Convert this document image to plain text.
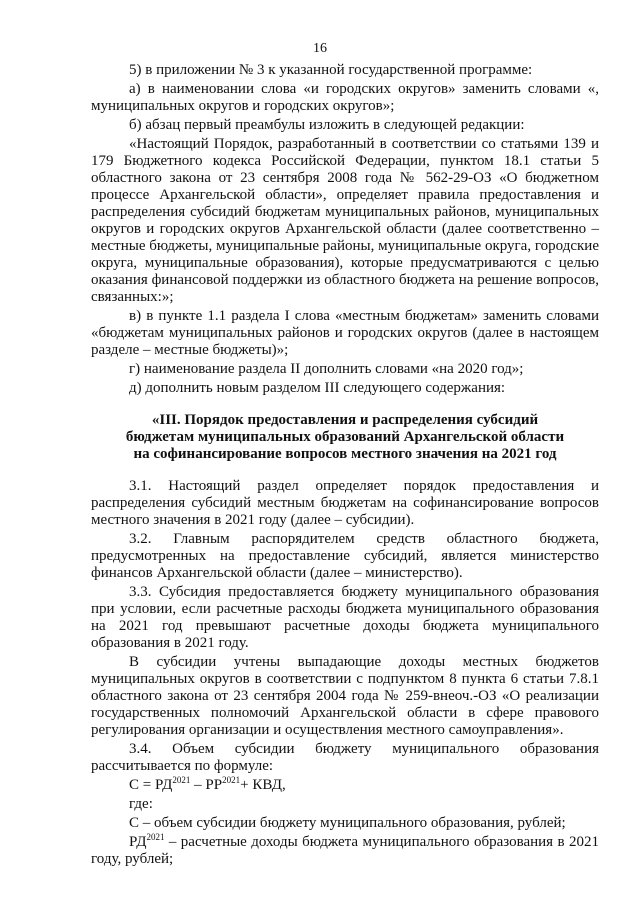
16

5) в приложении № 3 к указанной государственной программе:

а) в наименовании слова «и городских округов» заменить словами «, муниципальных округов и городских округов»;

б) абзац первый преамбулы изложить в следующей редакции:

«Настоящий Порядок, разработанный в соответствии со статьями 139 и 179 Бюджетного кодекса Российской Федерации, пунктом 18.1 статьи 5 областного закона от 23 сентября 2008 года № 562-29-ОЗ «О бюджетном процессе Архангельской области», определяет правила предоставления и распределения субсидий бюджетам муниципальных районов, муниципальных округов и городских округов Архангельской области (далее соответственно – местные бюджеты, муниципальные районы, муниципальные округа, городские округа, муниципальные образования), которые предусматриваются с целью оказания финансовой поддержки из областного бюджета на решение вопросов, связанных:»;

в) в пункте 1.1 раздела I слова «местным бюджетам» заменить словами «бюджетам муниципальных районов и городских округов (далее в настоящем разделе – местные бюджеты)»;

г) наименование раздела II дополнить словами «на 2020 год»;

д) дополнить новым разделом III следующего содержания:

«III. Порядок предоставления и распределения субсидий
бюджетам муниципальных образований Архангельской области
на софинансирование вопросов местного значения на 2021 год

3.1. Настоящий раздел определяет порядок предоставления и распределения субсидий местным бюджетам на софинансирование вопросов местного значения в 2021 году (далее – субсидии).

3.2. Главным распорядителем средств областного бюджета, предусмотренных на предоставление субсидий, является министерство финансов Архангельской области (далее – министерство).

3.3. Субсидия предоставляется бюджету муниципального образования при условии, если расчетные расходы бюджета муниципального образования на 2021 год превышают расчетные доходы бюджета муниципального образования в 2021 году.

В субсидии учтены выпадающие доходы местных бюджетов муниципальных округов в соответствии с подпунктом 8 пункта 6 статьи 7.8.1 областного закона от 23 сентября 2004 года № 259-внеоч.-ОЗ «О реализации государственных полномочий Архангельской области в сфере правового регулирования организации и осуществления местного самоуправления».

3.4. Объем субсидии бюджету муниципального образования рассчитывается по формуле:

$С = РД^{2021} - РР^{2021}+$ КВД,

где:

С – объем субсидии бюджету муниципального образования, рублей;

$РД^{2021}$ – расчетные доходы бюджета муниципального образования в 2021 году, рублей;
